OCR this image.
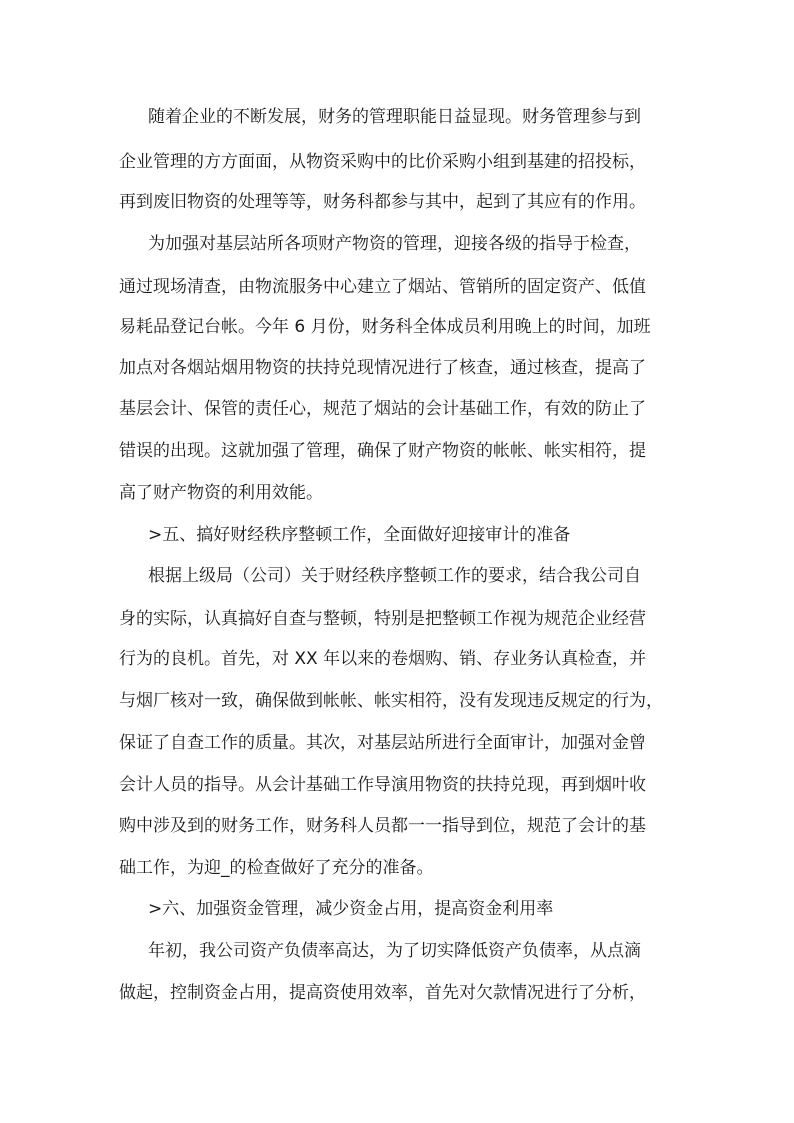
随着企业的不断发展，财务的管理职能日益显现。财务管理参与到
企业管理的方方面面，从物资采购中的比价采购小组到基建的招投标，
再到废旧物资的处理等等，财务科都参与其中，起到了其应有的作用。
为加强对基层站所各项财产物资的管理，迎接各级的指导于检查，
通过现场清查，由物流服务中心建立了烟站、管销所的固定资产、低值
易耗品登记台帐。今年 6 月份，财务科全体成员利用晚上的时间，加班
加点对各烟站烟用物资的扶持兑现情况进行了核查，通过核查，提高了
基层会计、保管的责任心，规范了烟站的会计基础工作，有效的防止了
错误的出现。这就加强了管理，确保了财产物资的帐帐、帐实相符，提
高了财产物资的利用效能。
>五、搞好财经秩序整顿工作，全面做好迎接审计的准备
根据上级局（公司）关于财经秩序整顿工作的要求，结合我公司自
身的实际，认真搞好自查与整顿，特别是把整顿工作视为规范企业经营
行为的良机。首先，对 XX 年以来的卷烟购、销、存业务认真检查，并
与烟厂核对一致，确保做到帐帐、帐实相符，没有发现违反规定的行为，
保证了自查工作的质量。其次，对基层站所进行全面审计，加强对金曾
会计人员的指导。从会计基础工作导演用物资的扶持兑现，再到烟叶收
购中涉及到的财务工作，财务科人员都一一指导到位，规范了会计的基
础工作，为迎_的检查做好了充分的准备。
>六、加强资金管理，减少资金占用，提高资金利用率
年初，我公司资产负债率高达，为了切实降低资产负债率，从点滴
做起，控制资金占用，提高资使用效率，首先对欠款情况进行了分析，
